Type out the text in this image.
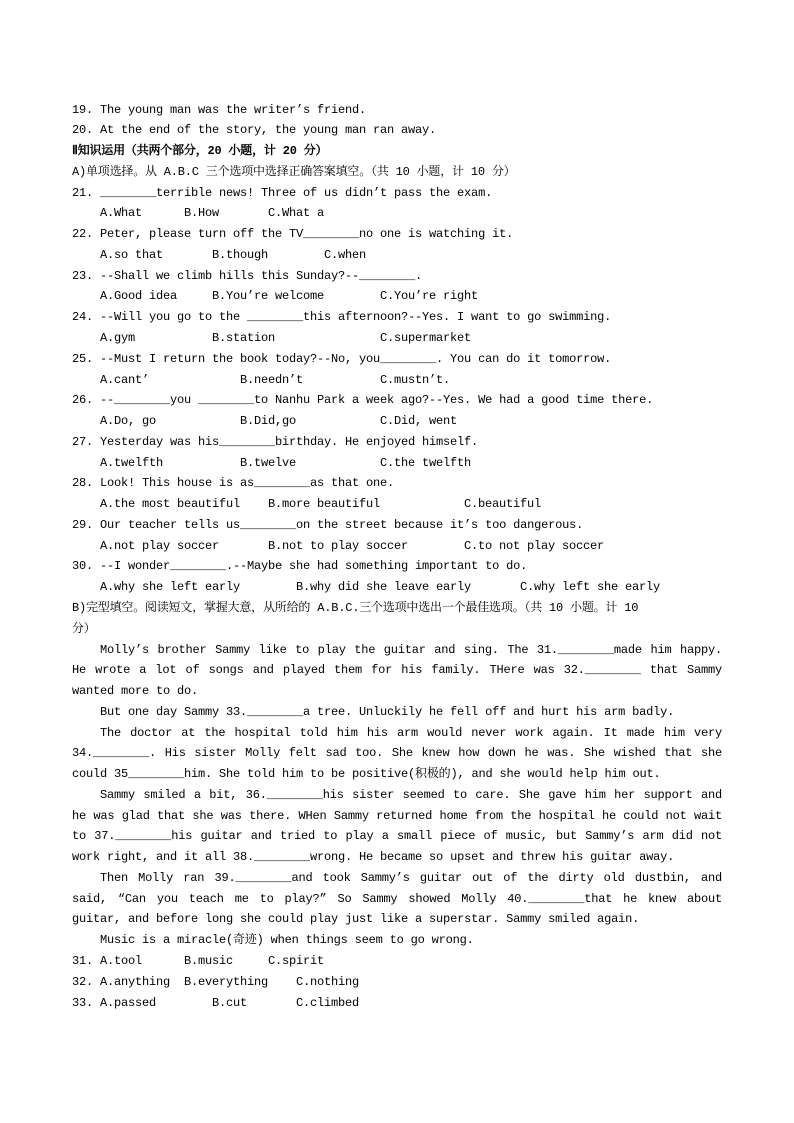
19. The young man was the writer’s friend.
20. At the end of the story, the young man ran away.
Ⅱ知识运用（共两个部分，20 小题，计 20 分）
A)单项选择。从 A.B.C 三个选项中选择正确答案填空。（共 10 小题，计 10 分）
21. ________terrible news! Three of us didn’t pass the exam.
A.What	B.How	C.What a
22. Peter, please turn off the TV________no one is watching it.
A.so that	B.though	C.when
23. --Shall we climb hills this Sunday?--________.
A.Good idea	B.You’re welcome	C.You’re right
24. --Will you go to the ________this afternoon?--Yes. I want to go swimming.
A.gym	B.station	C.supermarket
25. --Must I return the book today?--No, you________. You can do it tomorrow.
A.cant’	B.needn’t	C.mustn’t.
26. --________you ________to Nanhu Park a week ago?--Yes. We had a good time there.
A.Do, go	B.Did,go	C.Did, went
27. Yesterday was his________birthday. He enjoyed himself.
A.twelfth	B.twelve	C.the twelfth
28. Look! This house is as________as that one.
A.the most beautiful B.more beautiful	C.beautiful
29. Our teacher tells us________on the street because it’s too dangerous.
A.not play soccer	B.not to play soccer	C.to not play soccer
30. --I wonder________.--Maybe she had something important to do.
A.why she left early	B.why did she leave early	C.why left she early
B)完型填空。阅读短文，掌握大意，从所给的 A.B.C.三个选项中选出一个最佳选项。（共 10 小题。计 10
分）
Molly’s brother Sammy like to play the guitar and sing. The 31.________made him happy.
He wrote a lot of songs and played them for his family. THere was 32.________ that Sammy
wanted more to do.
But one day Sammy 33.________a tree. Unluckily he fell off and hurt his arm badly.
The doctor at the hospital told him his arm would never work again. It made him very
34.________. His sister Molly felt sad too. She knew how down he was. She wished that she
could 35________him. She told him to be positive(积极的), and she would help him out.
Sammy smiled a bit, 36.________his sister seemed to care. She gave him her support and
he was glad that she was there. WHen Sammy returned home from the hospital he could not wait
to 37.________his guitar and tried to play a small piece of music, but Sammy’s arm did not
work right, and it all 38.________wrong. He became so upset and threw his guitar away.
Then Molly ran 39.________and took Sammy’s guitar out of the dirty old dustbin, and
said, “Can you teach me to play?” So Sammy showed Molly 40.________that he knew about
guitar, and before long she could play just like a superstar. Sammy smiled again.
Music is a miracle(奇迹) when things seem to go wrong.
31. A.tool	B.music	C.spirit
32. A.anything B.everything C.nothing
33. A.passed	B.cut	C.climbed
